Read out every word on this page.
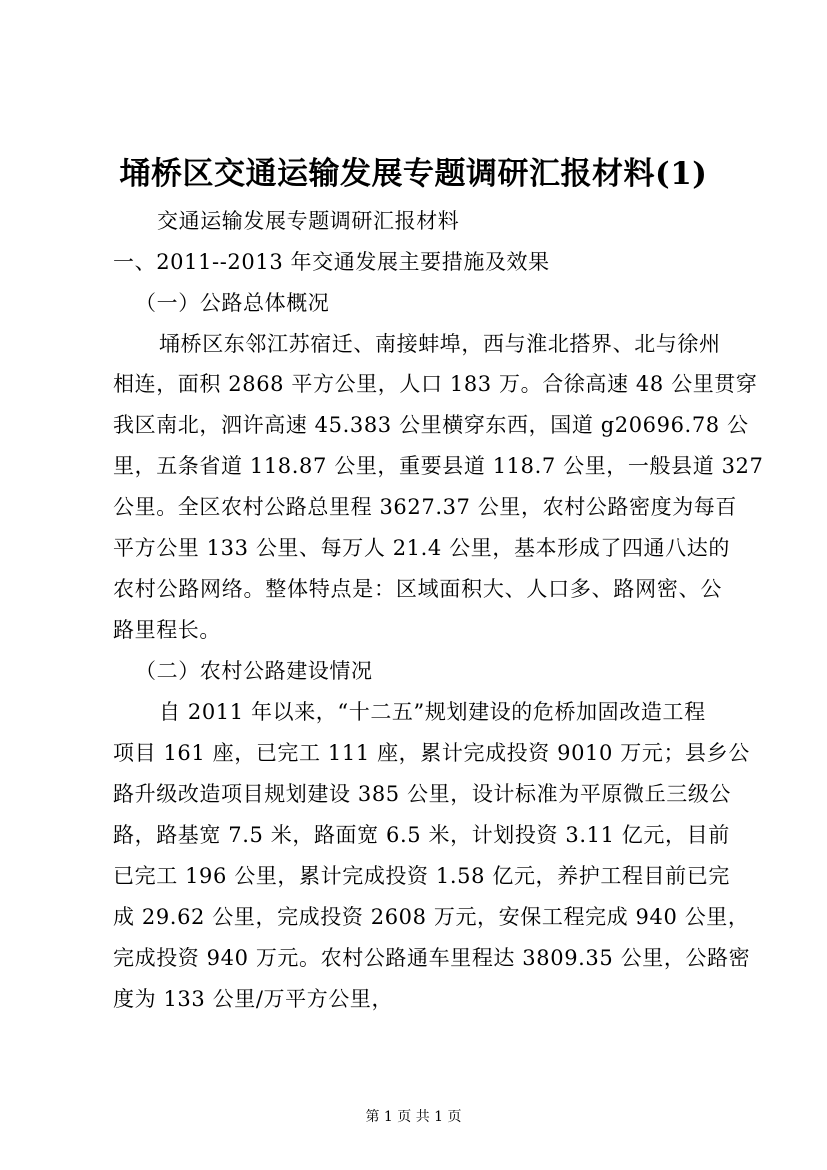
埇桥区交通运输发展专题调研汇报材料(1)
交通运输发展专题调研汇报材料
一、2011--2013 年交通发展主要措施及效果
（一）公路总体概况
埇桥区东邻江苏宿迁、南接蚌埠，西与淮北搭界、北与徐州
相连，面积 2868 平方公里，人口 183 万。合徐高速 48 公里贯穿
我区南北，泗许高速 45.383 公里横穿东西，国道 g20696.78 公
里，五条省道 118.87 公里，重要县道 118.7 公里，一般县道 327
公里。全区农村公路总里程 3627.37 公里，农村公路密度为每百
平方公里 133 公里、每万人 21.4 公里，基本形成了四通八达的
农村公路网络。整体特点是：区域面积大、人口多、路网密、公
路里程长。
（二）农村公路建设情况
自 2011 年以来，“十二五”规划建设的危桥加固改造工程
项目 161 座，已完工 111 座，累计完成投资 9010 万元；县乡公
路升级改造项目规划建设 385 公里，设计标准为平原微丘三级公
路，路基宽 7.5 米，路面宽 6.5 米，计划投资 3.11 亿元，目前
已完工 196 公里，累计完成投资 1.58 亿元，养护工程目前已完
成 29.62 公里，完成投资 2608 万元，安保工程完成 940 公里，
完成投资 940 万元。农村公路通车里程达 3809.35 公里，公路密
度为 133 公里/万平方公里，
第 1 页 共 1 页
